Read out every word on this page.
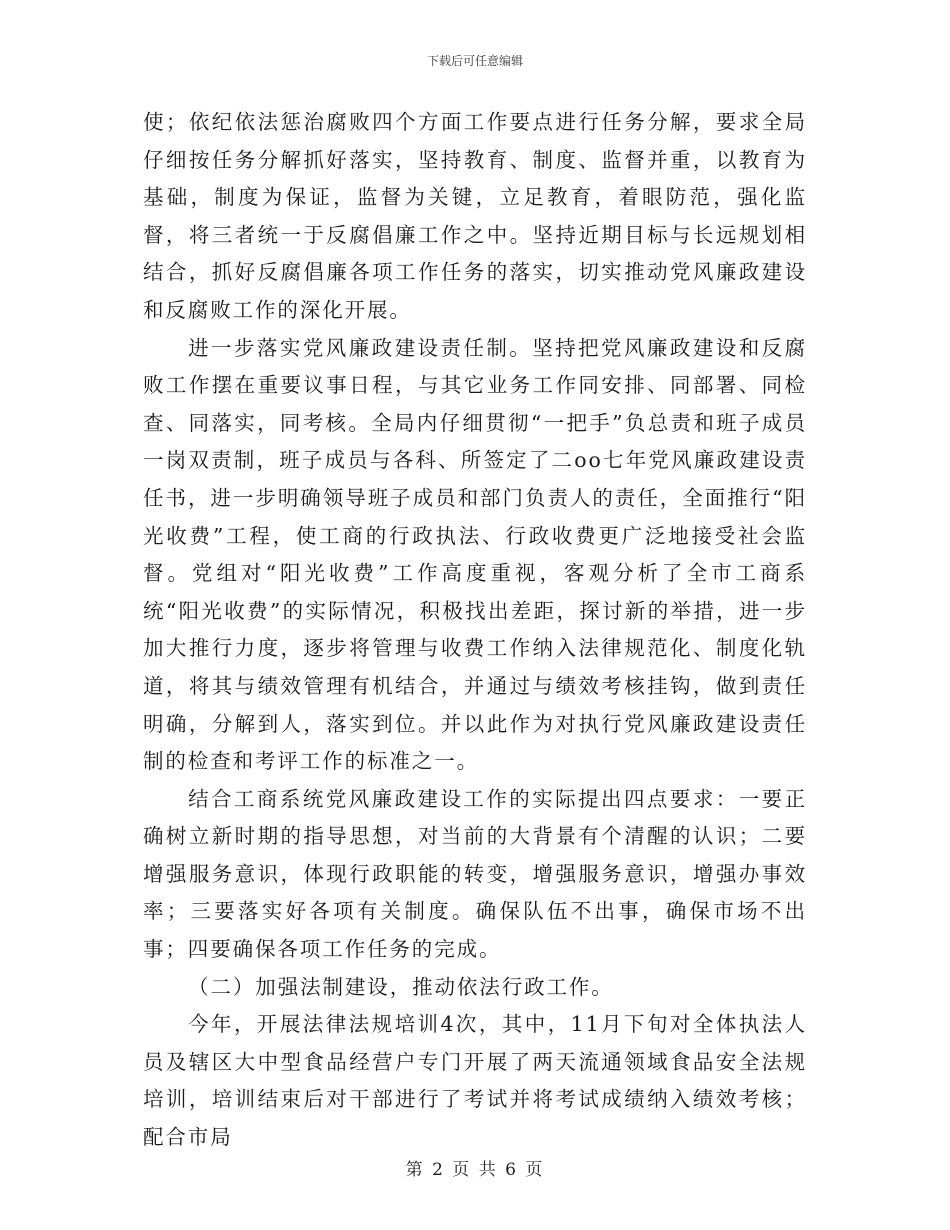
下载后可任意编辑

使；依纪依法惩治腐败四个方面工作要点进行任务分解，要求全局仔细按任务分解抓好落实，坚持教育、制度、监督并重，以教育为基础，制度为保证，监督为关键，立足教育，着眼防范，强化监督，将三者统一于反腐倡廉工作之中。坚持近期目标与长远规划相结合，抓好反腐倡廉各项工作任务的落实，切实推动党风廉政建设和反腐败工作的深化开展。

进一步落实党风廉政建设责任制。坚持把党风廉政建设和反腐败工作摆在重要议事日程，与其它业务工作同安排、同部署、同检查、同落实，同考核。全局内仔细贯彻“一把手”负总责和班子成员一岗双责制，班子成员与各科、所签定了二oo七年党风廉政建设责任书，进一步明确领导班子成员和部门负责人的责任，全面推行“阳光收费”工程，使工商的行政执法、行政收费更广泛地接受社会监督。党组对“阳光收费”工作高度重视，客观分析了全市工商系统“阳光收费”的实际情况，积极找出差距，探讨新的举措，进一步加大推行力度，逐步将管理与收费工作纳入法律规范化、制度化轨道，将其与绩效管理有机结合，并通过与绩效考核挂钩，做到责任明确，分解到人，落实到位。并以此作为对执行党风廉政建设责任制的检查和考评工作的标准之一。

结合工商系统党风廉政建设工作的实际提出四点要求：一要正确树立新时期的指导思想，对当前的大背景有个清醒的认识；二要增强服务意识，体现行政职能的转变，增强服务意识，增强办事效率；三要落实好各项有关制度。确保队伍不出事，确保市场不出事；四要确保各项工作任务的完成。

（二）加强法制建设，推动依法行政工作。

今年，开展法律法规培训4次，其中，11月下旬对全体执法人员及辖区大中型食品经营户专门开展了两天流通领域食品安全法规培训，培训结束后对干部进行了考试并将考试成绩纳入绩效考核；配合市局

第 2 页 共 6 页
